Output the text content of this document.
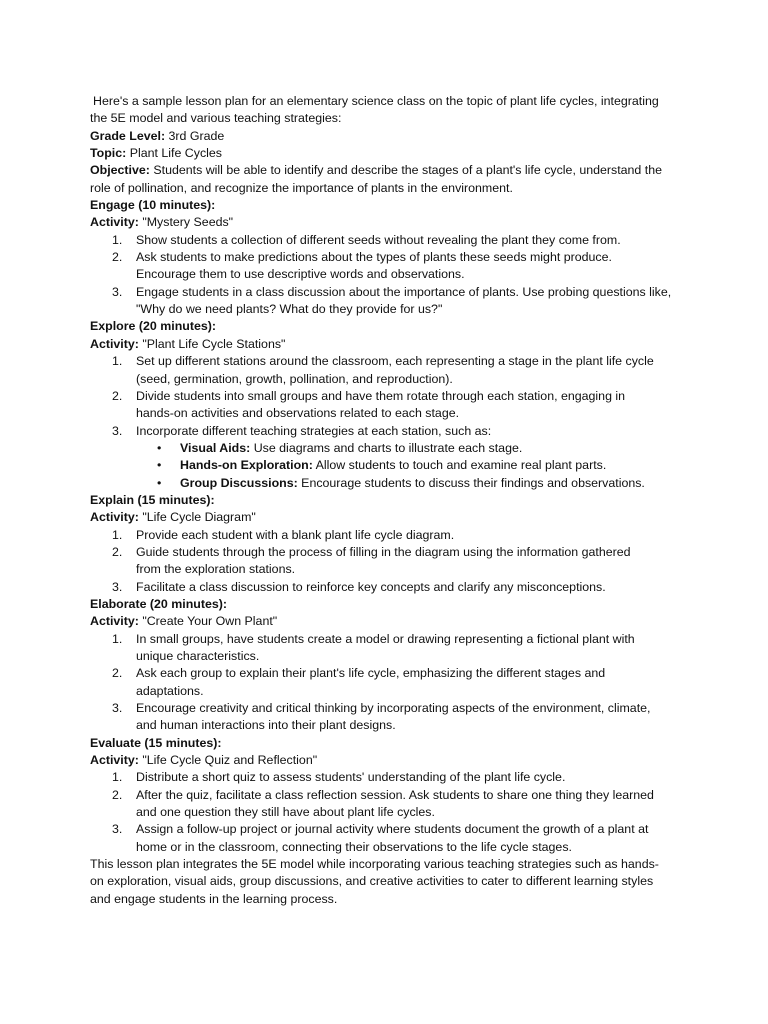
Here's a sample lesson plan for an elementary science class on the topic of plant life cycles, integrating
the 5E model and various teaching strategies:
Grade Level: 3rd Grade
Topic: Plant Life Cycles
Objective: Students will be able to identify and describe the stages of a plant's life cycle, understand the
role of pollination, and recognize the importance of plants in the environment.
Engage (10 minutes):
Activity: "Mystery Seeds"
1. Show students a collection of different seeds without revealing the plant they come from.
2. Ask students to make predictions about the types of plants these seeds might produce.
Encourage them to use descriptive words and observations.
3. Engage students in a class discussion about the importance of plants. Use probing questions like,
"Why do we need plants? What do they provide for us?"
Explore (20 minutes):
Activity: "Plant Life Cycle Stations"
1. Set up different stations around the classroom, each representing a stage in the plant life cycle
(seed, germination, growth, pollination, and reproduction).
2. Divide students into small groups and have them rotate through each station, engaging in
hands-on activities and observations related to each stage.
3. Incorporate different teaching strategies at each station, such as:
• Visual Aids: Use diagrams and charts to illustrate each stage.
• Hands-on Exploration: Allow students to touch and examine real plant parts.
• Group Discussions: Encourage students to discuss their findings and observations.
Explain (15 minutes):
Activity: "Life Cycle Diagram"
1. Provide each student with a blank plant life cycle diagram.
2. Guide students through the process of filling in the diagram using the information gathered
from the exploration stations.
3. Facilitate a class discussion to reinforce key concepts and clarify any misconceptions.
Elaborate (20 minutes):
Activity: "Create Your Own Plant"
1. In small groups, have students create a model or drawing representing a fictional plant with
unique characteristics.
2. Ask each group to explain their plant's life cycle, emphasizing the different stages and
adaptations.
3. Encourage creativity and critical thinking by incorporating aspects of the environment, climate,
and human interactions into their plant designs.
Evaluate (15 minutes):
Activity: "Life Cycle Quiz and Reflection"
1. Distribute a short quiz to assess students' understanding of the plant life cycle.
2. After the quiz, facilitate a class reflection session. Ask students to share one thing they learned
and one question they still have about plant life cycles.
3. Assign a follow-up project or journal activity where students document the growth of a plant at
home or in the classroom, connecting their observations to the life cycle stages.
This lesson plan integrates the 5E model while incorporating various teaching strategies such as hands-
on exploration, visual aids, group discussions, and creative activities to cater to different learning styles
and engage students in the learning process.
